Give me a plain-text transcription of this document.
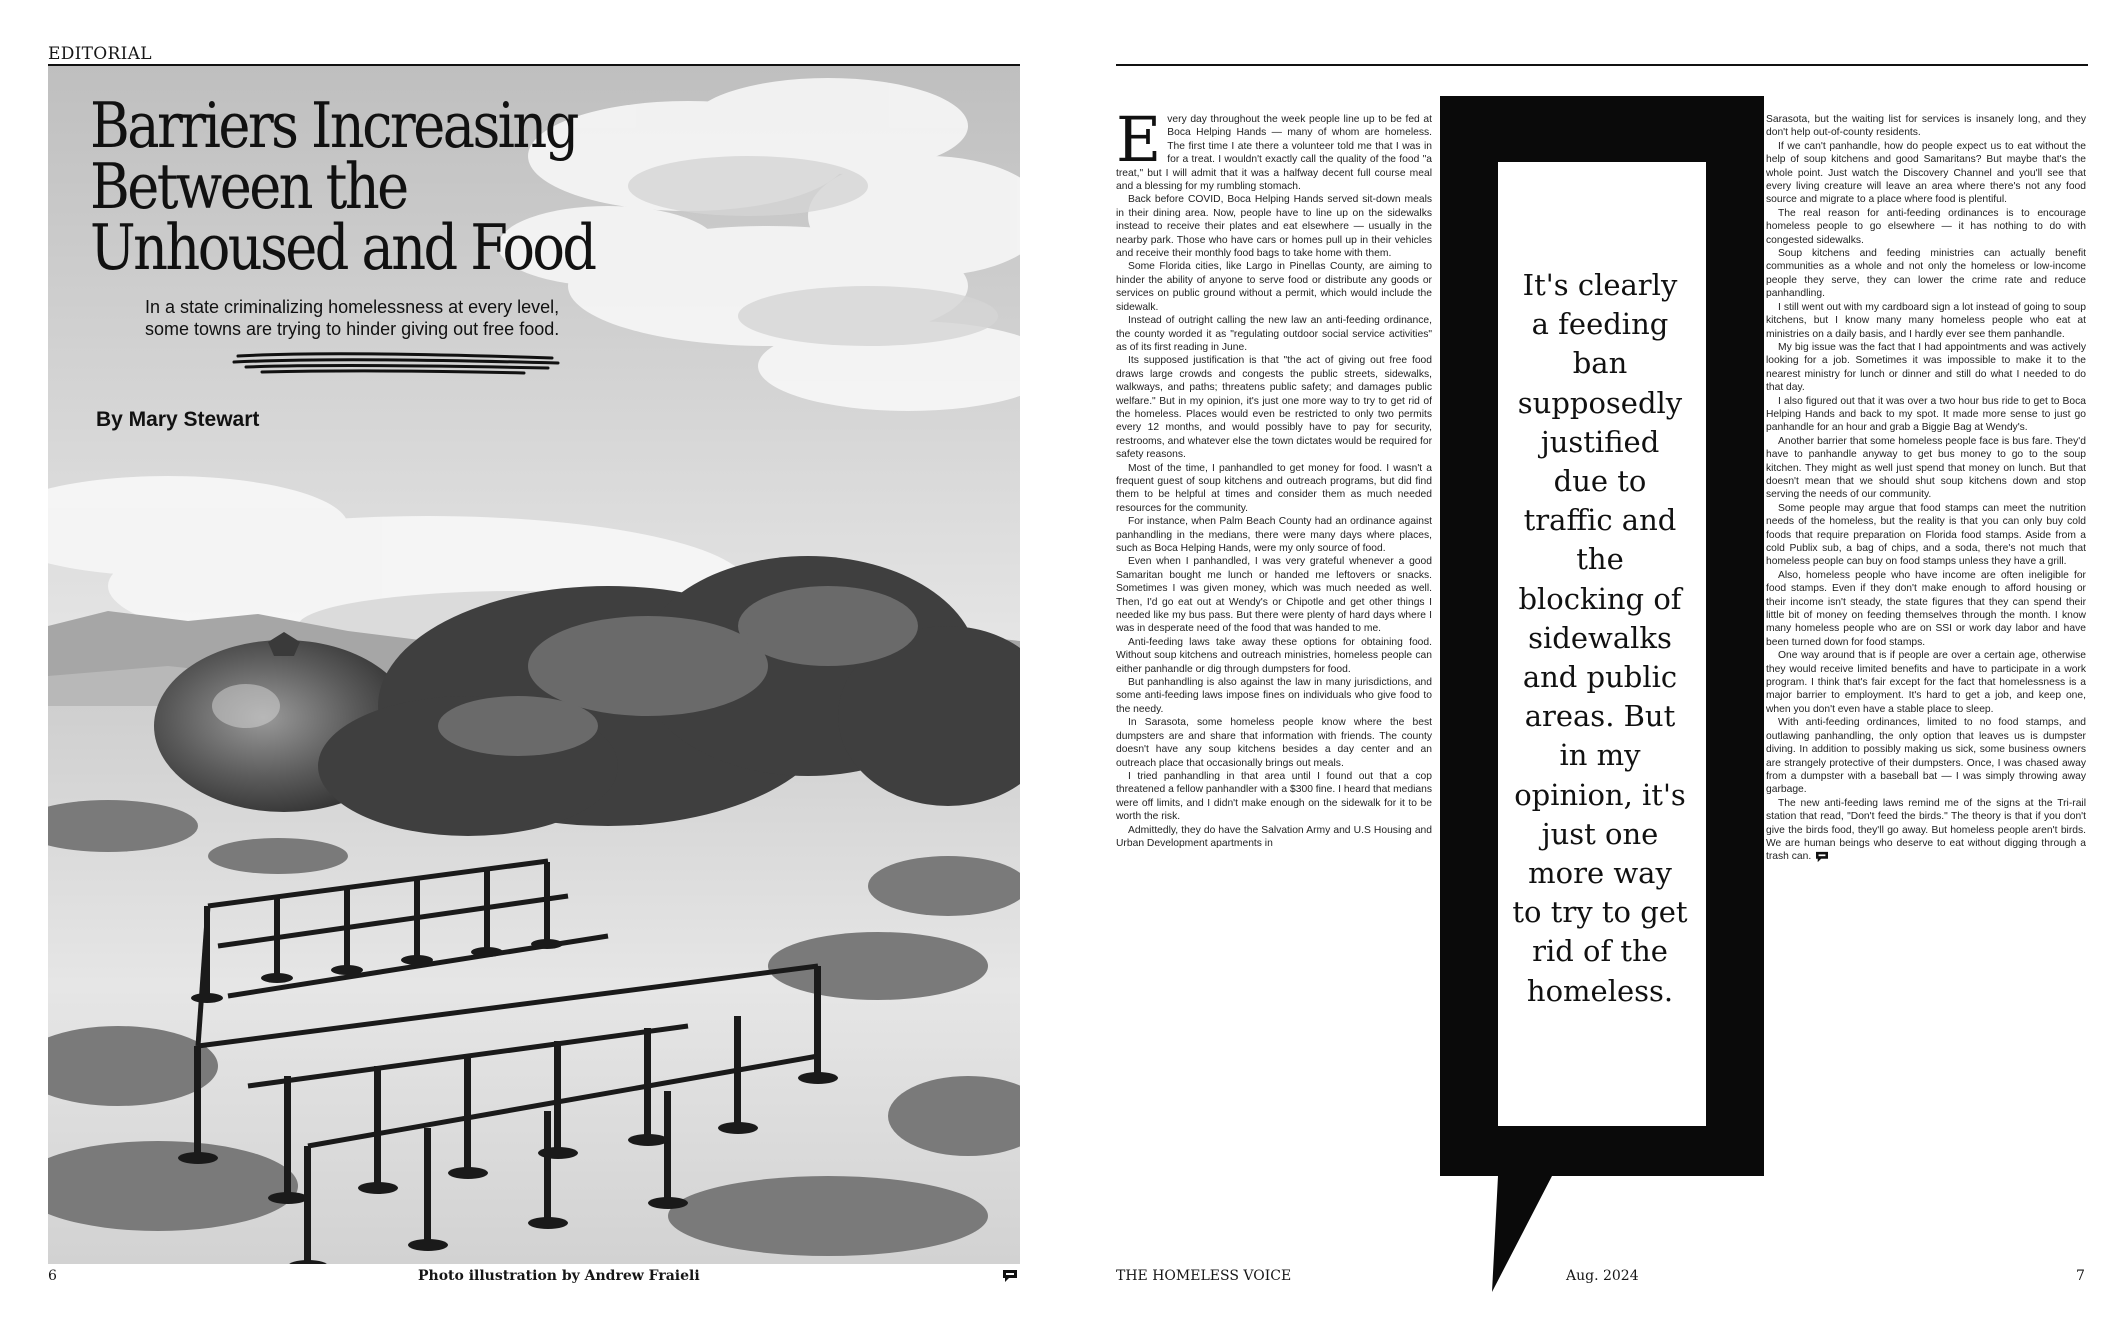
EDITORIAL
Barriers Increasing Between the Unhoused and Food

In a state criminalizing homelessness at every level, some towns are trying to hinder giving out free food.

By Mary Stewart

6	Photo illustration by Andrew Fraieli
E very day throughout the week people line up to be fed at Boca Helping Hands — many of whom are homeless. The first time I ate there a volunteer told me that I was in for a treat. I wouldn't exactly call the quality of the food "a treat," but I will admit that it was a halfway decent full course meal and a blessing for my rumbling stomach.

Back before COVID, Boca Helping Hands served sit-down meals in their dining area. Now, people have to line up on the sidewalks instead to receive their plates and eat elsewhere — usually in the nearby park. Those who have cars or homes pull up in their vehicles and receive their monthly food bags to take home with them.

Some Florida cities, like Largo in Pinellas County, are aiming to hinder the ability of anyone to serve food or distribute any goods or services on public ground without a permit, which would include the sidewalk.

Instead of outright calling the new law an anti-feeding ordinance, the county worded it as "regulating outdoor social service activities" as of its first reading in June.

Its supposed justification is that "the act of giving out free food draws large crowds and congests the public streets, sidewalks, walkways, and paths; threatens public safety; and damages public welfare." But in my opinion, it's just one more way to try to get rid of the homeless. Places would even be restricted to only two permits every 12 months, and would possibly have to pay for security, restrooms, and whatever else the town dictates would be required for safety reasons.

Most of the time, I panhandled to get money for food. I wasn't a frequent guest of soup kitchens and outreach programs, but did find them to be helpful at times and consider them as much needed resources for the community.

For instance, when Palm Beach County had an ordinance against panhandling in the medians, there were many days where places, such as Boca Helping Hands, were my only source of food.

Even when I panhandled, I was very grateful whenever a good Samaritan bought me lunch or handed me leftovers or snacks. Sometimes I was given money, which was much needed as well. Then, I'd go eat out at Wendy's or Chipotle and get other things I needed like my bus pass. But there were plenty of hard days where I was in desperate need of the food that was handed to me.

Anti-feeding laws take away these options for obtaining food. Without soup kitchens and outreach ministries, homeless people can either panhandle or dig through dumpsters for food.

But panhandling is also against the law in many jurisdictions, and some anti-feeding laws impose fines on individuals who give food to the needy.

In Sarasota, some homeless people know where the best dumpsters are and share that information with friends. The county doesn't have any soup kitchens besides a day center and an outreach place that occasionally brings out meals.

I tried panhandling in that area until I found out that a cop threatened a fellow panhandler with a $300 fine. I heard that medians were off limits, and I didn't make enough on the sidewalk for it to be worth the risk.

Admittedly, they do have the Salvation Army and U.S Housing and Urban Development apartments in

It's clearly a feeding ban supposedly justified due to traffic and the blocking of sidewalks and public areas. But in my opinion, it's just one more way to try to get rid of the homeless.

Sarasota, but the waiting list for services is insanely long, and they don't help out-of-county residents.

If we can't panhandle, how do people expect us to eat without the help of soup kitchens and good Samaritans? But maybe that's the whole point. Just watch the Discovery Channel and you'll see that every living creature will leave an area where there's not any food source and migrate to a place where food is plentiful.

The real reason for anti-feeding ordinances is to encourage homeless people to go elsewhere — it has nothing to do with congested sidewalks.

Soup kitchens and feeding ministries can actually benefit communities as a whole and not only the homeless or low-income people they serve, they can lower the crime rate and reduce panhandling.

I still went out with my cardboard sign a lot instead of going to soup kitchens, but I know many many homeless people who eat at ministries on a daily basis, and I hardly ever see them panhandle.

My big issue was the fact that I had appointments and was actively looking for a job. Sometimes it was impossible to make it to the nearest ministry for lunch or dinner and still do what I needed to do that day.

I also figured out that it was over a two hour bus ride to get to Boca Helping Hands and back to my spot. It made more sense to just go panhandle for an hour and grab a Biggie Bag at Wendy's.

Another barrier that some homeless people face is bus fare. They'd have to panhandle anyway to get bus money to go to the soup kitchen. They might as well just spend that money on lunch. But that doesn't mean that we should shut soup kitchens down and stop serving the needs of our community.

Some people may argue that food stamps can meet the nutrition needs of the homeless, but the reality is that you can only buy cold foods that require preparation on Florida food stamps. Aside from a cold Publix sub, a bag of chips, and a soda, there's not much that homeless people can buy on food stamps unless they have a grill.

Also, homeless people who have income are often ineligible for food stamps. Even if they don't make enough to afford housing or their income isn't steady, the state figures that they can spend their little bit of money on feeding themselves through the month. I know many homeless people who are on SSI or work day labor and have been turned down for food stamps.

One way around that is if people are over a certain age, otherwise they would receive limited benefits and have to participate in a work program. I think that's fair except for the fact that homelessness is a major barrier to employment. It's hard to get a job, and keep one, when you don't even have a stable place to sleep.

With anti-feeding ordinances, limited to no food stamps, and outlawing panhandling, the only option that leaves us is dumpster diving. In addition to possibly making us sick, some business owners are strangely protective of their dumpsters. Once, I was chased away from a dumpster with a baseball bat — I was simply throwing away garbage.

The new anti-feeding laws remind me of the signs at the Tri-rail station that read, "Don't feed the birds." The theory is that if you don't give the birds food, they'll go away. But homeless people aren't birds. We are human beings who deserve to eat without digging through a trash can.

THE HOMELESS VOICE	Aug. 2024	7
